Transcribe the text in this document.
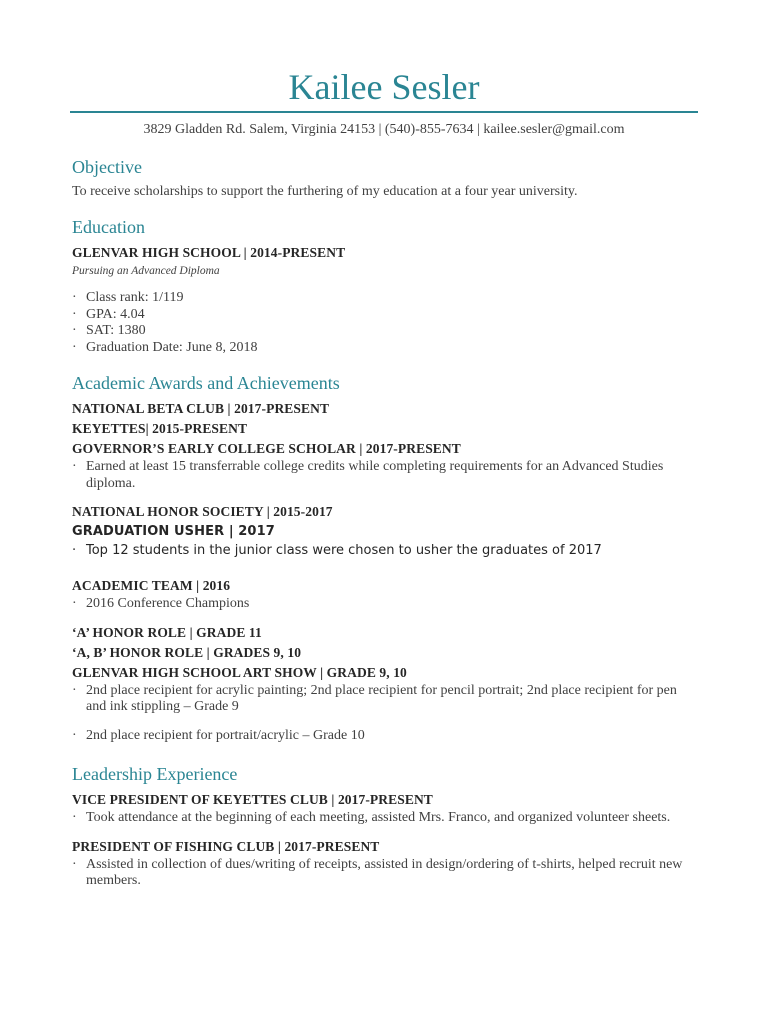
Kailee Sesler
3829 Gladden Rd. Salem, Virginia 24153 | (540)-855-7634 | kailee.sesler@gmail.com
Objective
To receive scholarships to support the furthering of my education at a four year university.
Education
GLENVAR HIGH SCHOOL | 2014-PRESENT
Pursuing an Advanced Diploma
· Class rank: 1/119
· GPA: 4.04
· SAT: 1380
· Graduation Date: June 8, 2018
Academic Awards and Achievements
NATIONAL BETA CLUB | 2017-PRESENT
KEYETTES| 2015-PRESENT
GOVERNOR’S EARLY COLLEGE SCHOLAR | 2017-PRESENT
· Earned at least 15 transferrable college credits while completing requirements for an Advanced Studies diploma.
NATIONAL HONOR SOCIETY | 2015-2017
GRADUATION USHER | 2017
· Top 12 students in the junior class were chosen to usher the graduates of 2017
ACADEMIC TEAM | 2016
· 2016 Conference Champions
‘A’ HONOR ROLE | GRADE 11
‘A, B’ HONOR ROLE | GRADES 9, 10
GLENVAR HIGH SCHOOL ART SHOW | GRADE 9, 10
· 2nd place recipient for acrylic painting; 2nd place recipient for pencil portrait; 2nd place recipient for pen and ink stippling – Grade 9
· 2nd place recipient for portrait/acrylic – Grade 10
Leadership Experience
VICE PRESIDENT OF KEYETTES CLUB | 2017-PRESENT
· Took attendance at the beginning of each meeting, assisted Mrs. Franco, and organized volunteer sheets.
PRESIDENT OF FISHING CLUB | 2017-PRESENT
· Assisted in collection of dues/writing of receipts, assisted in design/ordering of t-shirts, helped recruit new members.
